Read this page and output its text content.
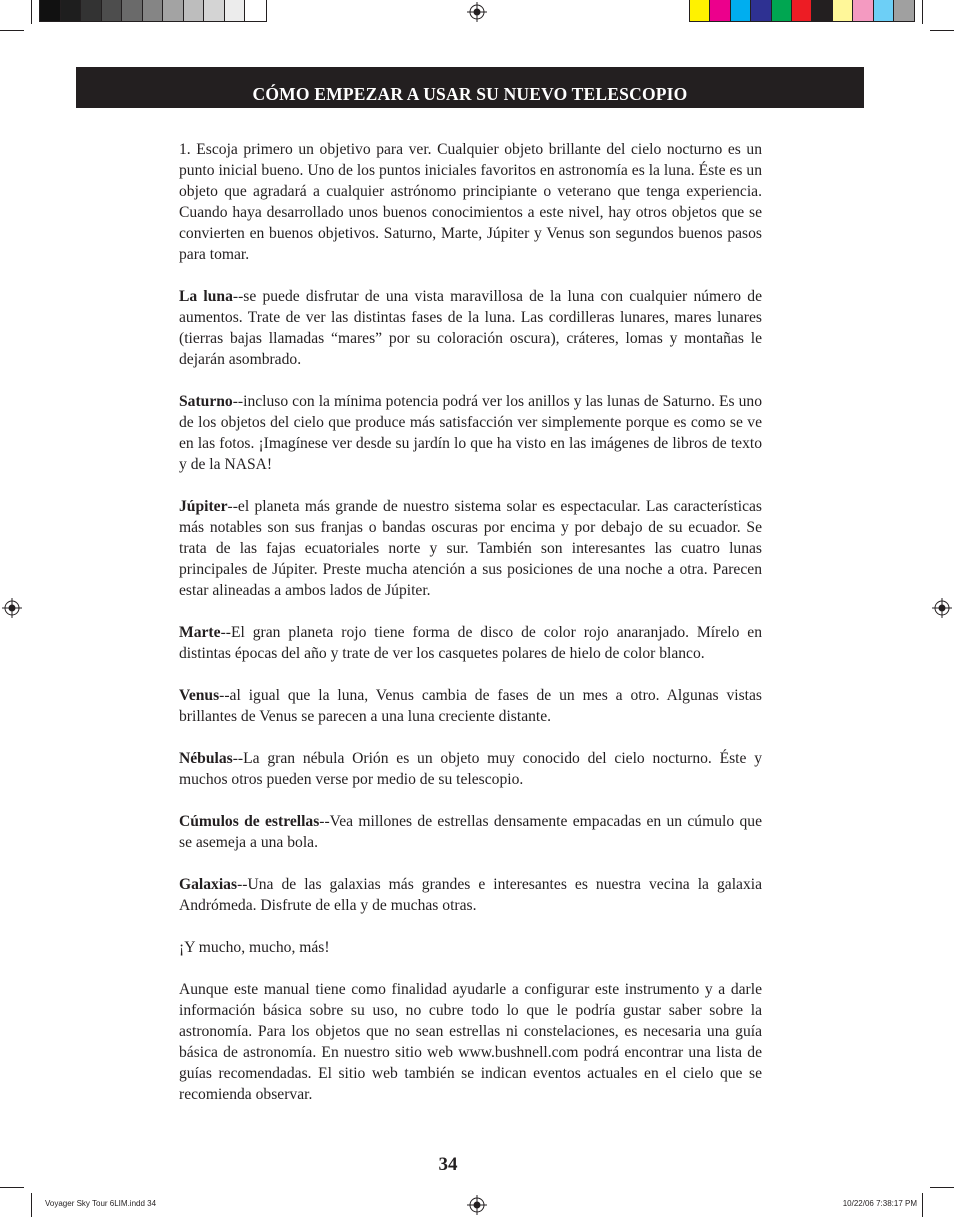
CÓMO EMPEZAR A USAR SU NUEVO TELESCOPIO

1. Escoja primero un objetivo para ver. Cualquier objeto brillante del cielo nocturno es un punto inicial bueno. Uno de los puntos iniciales favoritos en astronomía es la luna. Éste es un objeto que agradará a cualquier astrónomo principiante o veterano que tenga experiencia. Cuando haya desarrollado unos buenos conocimientos a este nivel, hay otros objetos que se convierten en buenos objetivos. Saturno, Marte, Júpiter y Venus son segundos buenos pasos para tomar.

La luna--se puede disfrutar de una vista maravillosa de la luna con cualquier número de aumentos. Trate de ver las distintas fases de la luna. Las cordilleras lunares, mares lunares (tierras bajas llamadas “mares” por su coloración oscura), cráteres, lomas y montañas le dejarán asombrado.

Saturno--incluso con la mínima potencia podrá ver los anillos y las lunas de Saturno. Es uno de los objetos del cielo que produce más satisfacción ver simplemente porque es como se ve en las fotos. ¡Imagínese ver desde su jardín lo que ha visto en las imágenes de libros de texto y de la NASA!

Júpiter--el planeta más grande de nuestro sistema solar es espectacular. Las características más notables son sus franjas o bandas oscuras por encima y por debajo de su ecuador. Se trata de las fajas ecuatoriales norte y sur. También son interesantes las cuatro lunas principales de Júpiter. Preste mucha atención a sus posiciones de una noche a otra. Parecen estar alineadas a ambos lados de Júpiter.

Marte--El gran planeta rojo tiene forma de disco de color rojo anaranjado. Mírelo en distintas épocas del año y trate de ver los casquetes polares de hielo de color blanco.

Venus--al igual que la luna, Venus cambia de fases de un mes a otro. Algunas vistas brillantes de Venus se parecen a una luna creciente distante.

Nébulas--La gran nébula Orión es un objeto muy conocido del cielo nocturno. Éste y muchos otros pueden verse por medio de su telescopio.

Cúmulos de estrellas--Vea millones de estrellas densamente empacadas en un cúmulo que se asemeja a una bola.

Galaxias--Una de las galaxias más grandes e interesantes es nuestra vecina la galaxia Andrómeda. Disfrute de ella y de muchas otras.

¡Y mucho, mucho, más!

Aunque este manual tiene como finalidad ayudarle a configurar este instrumento y a darle información básica sobre su uso, no cubre todo lo que le podría gustar saber sobre la astronomía. Para los objetos que no sean estrellas ni constelaciones, es necesaria una guía básica de astronomía. En nuestro sitio web www.bushnell.com podrá encontrar una lista de guías recomendadas. El sitio web también se indican eventos actuales en el cielo que se recomienda observar.

34
Voyager Sky Tour 6LIM.indd 34	10/22/06 7:38:17 PM
